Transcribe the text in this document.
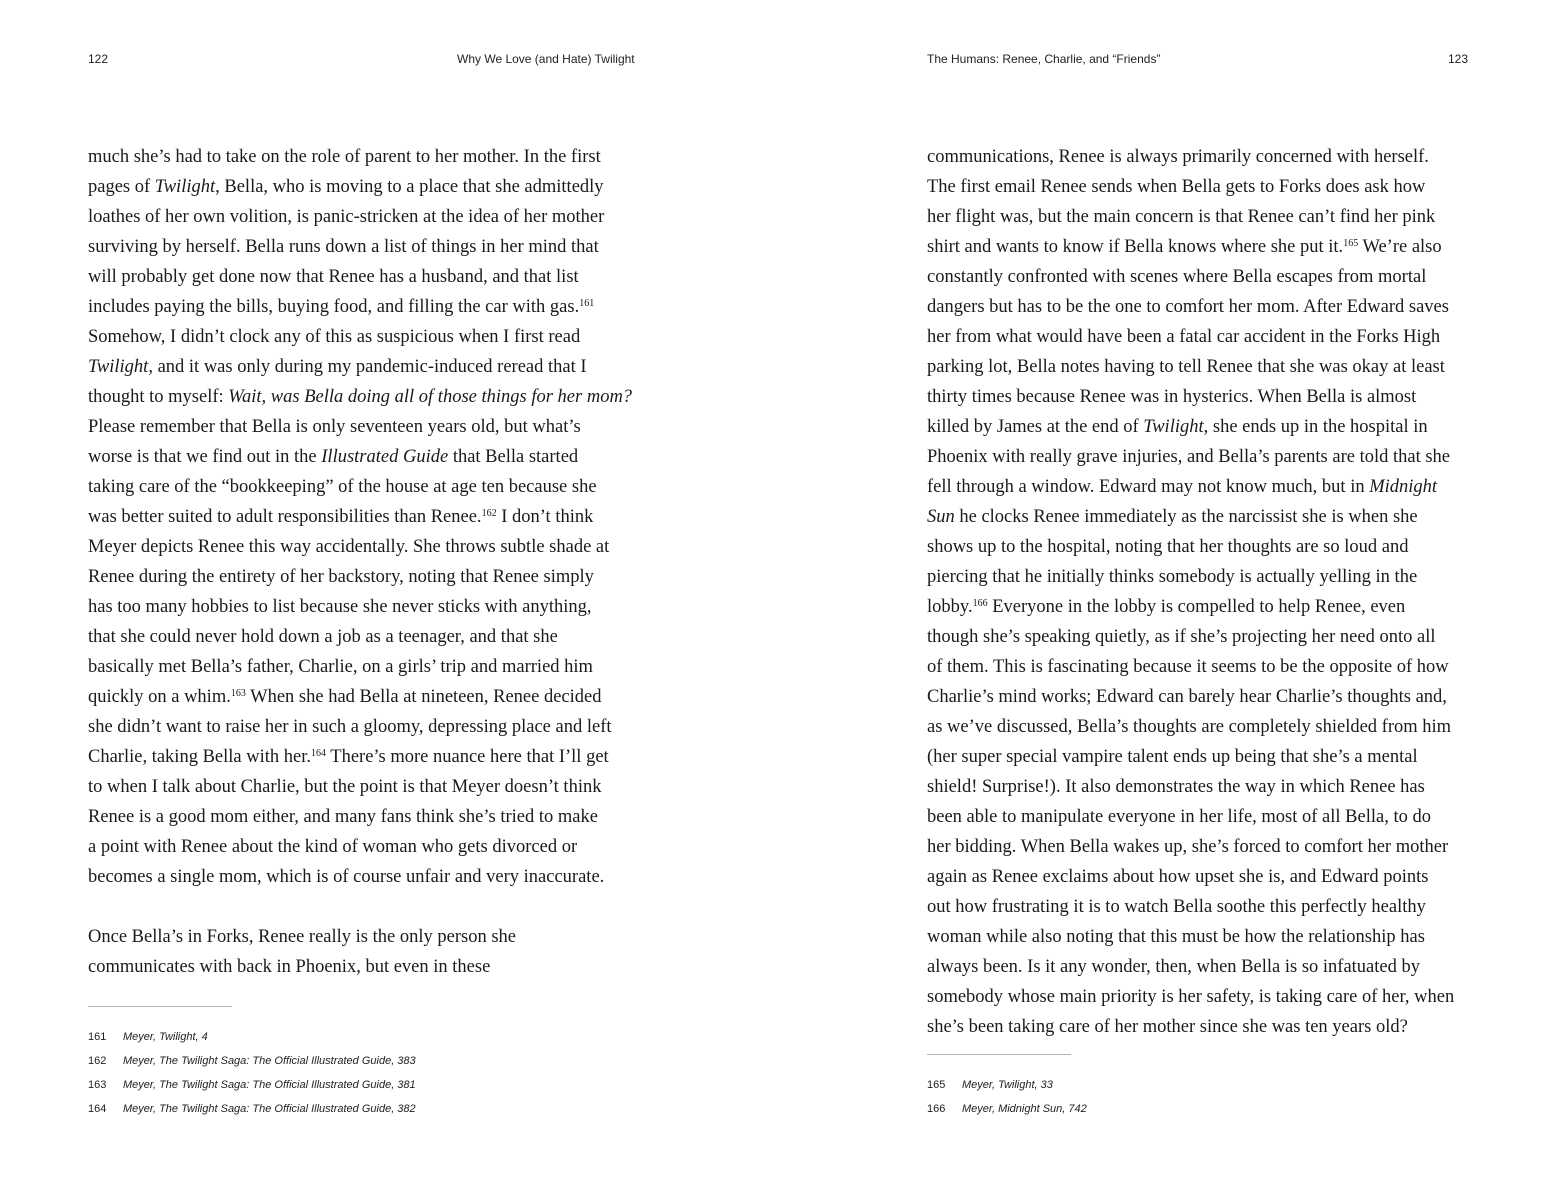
122	Why We Love (and Hate) Twilight
much she’s had to take on the role of parent to her mother. In the first
pages of Twilight, Bella, who is moving to a place that she admittedly
loathes of her own volition, is panic-stricken at the idea of her mother
surviving by herself. Bella runs down a list of things in her mind that
will probably get done now that Renee has a husband, and that list
includes paying the bills, buying food, and filling the car with gas.$^{161}$
Somehow, I didn’t clock any of this as suspicious when I first read
Twilight, and it was only during my pandemic-induced reread that I
thought to myself: Wait, was Bella doing all of those things for her mom?
Please remember that Bella is only seventeen years old, but what’s
worse is that we find out in the Illustrated Guide that Bella started
taking care of the “bookkeeping” of the house at age ten because she
was better suited to adult responsibilities than Renee.$^{162}$ I don’t think
Meyer depicts Renee this way accidentally. She throws subtle shade at
Renee during the entirety of her backstory, noting that Renee simply
has too many hobbies to list because she never sticks with anything,
that she could never hold down a job as a teenager, and that she
basically met Bella’s father, Charlie, on a girls’ trip and married him
quickly on a whim.$^{163}$ When she had Bella at nineteen, Renee decided
she didn’t want to raise her in such a gloomy, depressing place and left
Charlie, taking Bella with her.$^{164}$ There’s more nuance here that I’ll get
to when I talk about Charlie, but the point is that Meyer doesn’t think
Renee is a good mom either, and many fans think she’s tried to make
a point with Renee about the kind of woman who gets divorced or
becomes a single mom, which is of course unfair and very inaccurate.
Once Bella’s in Forks, Renee really is the only person she
communicates with back in Phoenix, but even in these
161 Meyer, Twilight, 4
162 Meyer, The Twilight Saga: The Official Illustrated Guide, 383
163 Meyer, The Twilight Saga: The Official Illustrated Guide, 381
164 Meyer, The Twilight Saga: The Official Illustrated Guide, 382
The Humans: Renee, Charlie, and “Friends”	123
communications, Renee is always primarily concerned with herself.
The first email Renee sends when Bella gets to Forks does ask how
her flight was, but the main concern is that Renee can’t find her pink
shirt and wants to know if Bella knows where she put it.$^{165}$ We’re also
constantly confronted with scenes where Bella escapes from mortal
dangers but has to be the one to comfort her mom. After Edward saves
her from what would have been a fatal car accident in the Forks High
parking lot, Bella notes having to tell Renee that she was okay at least
thirty times because Renee was in hysterics. When Bella is almost
killed by James at the end of Twilight, she ends up in the hospital in
Phoenix with really grave injuries, and Bella’s parents are told that she
fell through a window. Edward may not know much, but in Midnight
Sun he clocks Renee immediately as the narcissist she is when she
shows up to the hospital, noting that her thoughts are so loud and
piercing that he initially thinks somebody is actually yelling in the
lobby.$^{166}$ Everyone in the lobby is compelled to help Renee, even
though she’s speaking quietly, as if she’s projecting her need onto all
of them. This is fascinating because it seems to be the opposite of how
Charlie’s mind works; Edward can barely hear Charlie’s thoughts and,
as we’ve discussed, Bella’s thoughts are completely shielded from him
(her super special vampire talent ends up being that she’s a mental
shield! Surprise!). It also demonstrates the way in which Renee has
been able to manipulate everyone in her life, most of all Bella, to do
her bidding. When Bella wakes up, she’s forced to comfort her mother
again as Renee exclaims about how upset she is, and Edward points
out how frustrating it is to watch Bella soothe this perfectly healthy
woman while also noting that this must be how the relationship has
always been. Is it any wonder, then, when Bella is so infatuated by
somebody whose main priority is her safety, is taking care of her, when
she’s been taking care of her mother since she was ten years old?
165 Meyer, Twilight, 33
166 Meyer, Midnight Sun, 742
